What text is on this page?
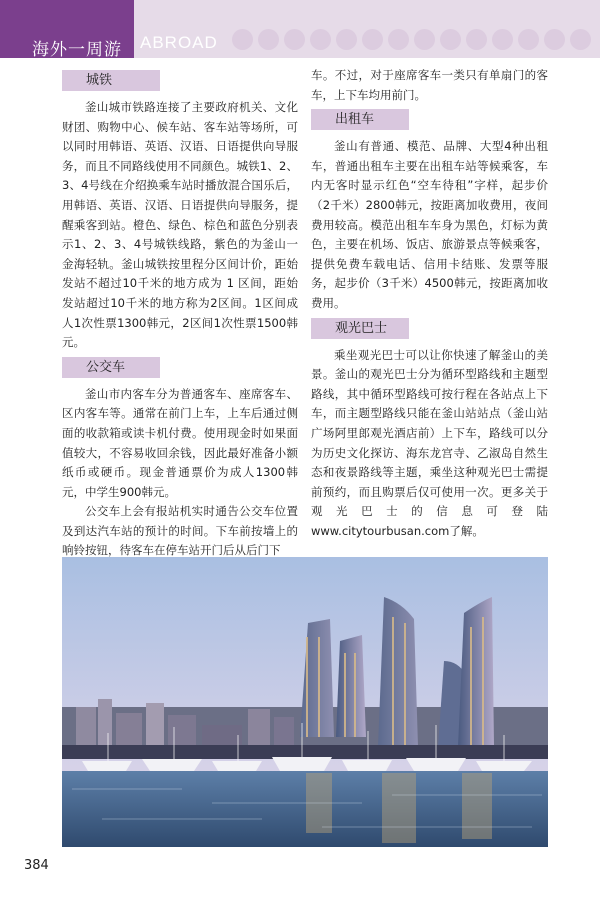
海外一周游 ABROAD
城铁

釜山城市铁路连接了主要政府机关、文化财团、购物中心、候车站、客车站等场所，可以同时用韩语、英语、汉语、日语提供向导服务，而且不同路线使用不同颜色。城铁1、2、3、4号线在介绍换乘车站时播放混合国乐后，用韩语、英语、汉语、日语提供向导服务，提醒乘客到站。橙色、绿色、棕色和蓝色分别表示1、2、3、4号城铁线路，紫色的为釜山一金海轻轨。釜山城铁按里程分区间计价，距始发站不超过10千米的地方成为 1 区间，距始发站超过10千米的地方称为2区间。1区间成人1次性票1300韩元，2区间1次性票1500韩元。

公交车

釜山市内客车分为普通客车、座席客车、区内客车等。通常在前门上车，上车后通过侧面的收款箱或读卡机付费。使用现金时如果面值较大，不容易收回余钱，因此最好准备小额纸币或硬币。现金普通票价为成人1300韩元，中学生900韩元。

公交车上会有报站机实时通告公交车位置及到达汽车站的预计的时间。下车前按墙上的响铃按钮，待客车在停车站开门后从后门下

车。不过，对于座席客车一类只有单扇门的客车，上下车均用前门。

出租车

釜山有普通、模范、品牌、大型4种出租车，普通出租车主要在出租车站等候乘客，车内无客时显示红色“空车待租”字样，起步价（2千米）2800韩元，按距离加收费用，夜间费用较高。模范出租车车身为黑色，灯标为黄色，主要在机场、饭店、旅游景点等候乘客，提供免费车载电话、信用卡结账、发票等服务，起步价（3千米）4500韩元，按距离加收费用。

观光巴士

乘坐观光巴士可以让你快速了解釜山的美景。釜山的观光巴士分为循环型路线和主题型路线，其中循环型路线可按行程在各站点上下车，而主题型路线只能在釜山站站点（釜山站广场阿里郎观光酒店前）上下车，路线可以分为历史文化探访、海东龙宫寺、乙淑岛自然生态和夜景路线等主题，乘坐这种观光巴士需提前预约，而且购票后仅可使用一次。更多关于观光巴士的信息可登陆www.citytourbusan.com了解。

384
